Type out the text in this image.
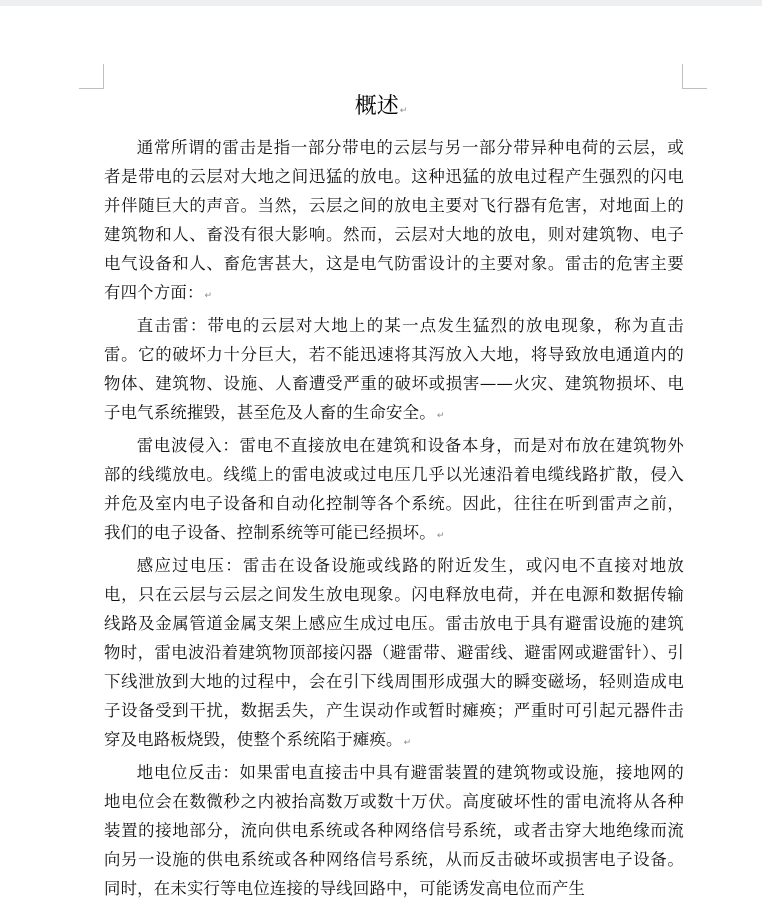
概述↵

通常所谓的雷击是指一部分带电的云层与另一部分带异种电荷的云层，或者是带电的云层对大地之间迅猛的放电。这种迅猛的放电过程产生强烈的闪电并伴随巨大的声音。当然，云层之间的放电主要对飞行器有危害，对地面上的建筑物和人、畜没有很大影响。然而，云层对大地的放电，则对建筑物、电子电气设备和人、畜危害甚大，这是电气防雷设计的主要对象。雷击的危害主要有四个方面：↵

直击雷：带电的云层对大地上的某一点发生猛烈的放电现象，称为直击雷。它的破坏力十分巨大，若不能迅速将其泻放入大地，将导致放电通道内的物体、建筑物、设施、人畜遭受严重的破坏或损害——火灾、建筑物损坏、电子电气系统摧毁，甚至危及人畜的生命安全。↵

雷电波侵入：雷电不直接放电在建筑和设备本身，而是对布放在建筑物外部的线缆放电。线缆上的雷电波或过电压几乎以光速沿着电缆线路扩散，侵入并危及室内电子设备和自动化控制等各个系统。因此，往往在听到雷声之前，我们的电子设备、控制系统等可能已经损坏。↵

感应过电压：雷击在设备设施或线路的附近发生，或闪电不直接对地放电，只在云层与云层之间发生放电现象。闪电释放电荷，并在电源和数据传输线路及金属管道金属支架上感应生成过电压。雷击放电于具有避雷设施的建筑物时，雷电波沿着建筑物顶部接闪器（避雷带、避雷线、避雷网或避雷针）、引下线泄放到大地的过程中，会在引下线周围形成强大的瞬变磁场，轻则造成电子设备受到干扰，数据丢失，产生误动作或暂时瘫痪；严重时可引起元器件击穿及电路板烧毁，使整个系统陷于瘫痪。↵

地电位反击：如果雷电直接击中具有避雷装置的建筑物或设施，接地网的地电位会在数微秒之内被抬高数万或数十万伏。高度破坏性的雷电流将从各种装置的接地部分，流向供电系统或各种网络信号系统，或者击穿大地绝缘而流向另一设施的供电系统或各种网络信号系统，从而反击破坏或损害电子设备。同时，在未实行等电位连接的导线回路中，可能诱发高电位而产生
